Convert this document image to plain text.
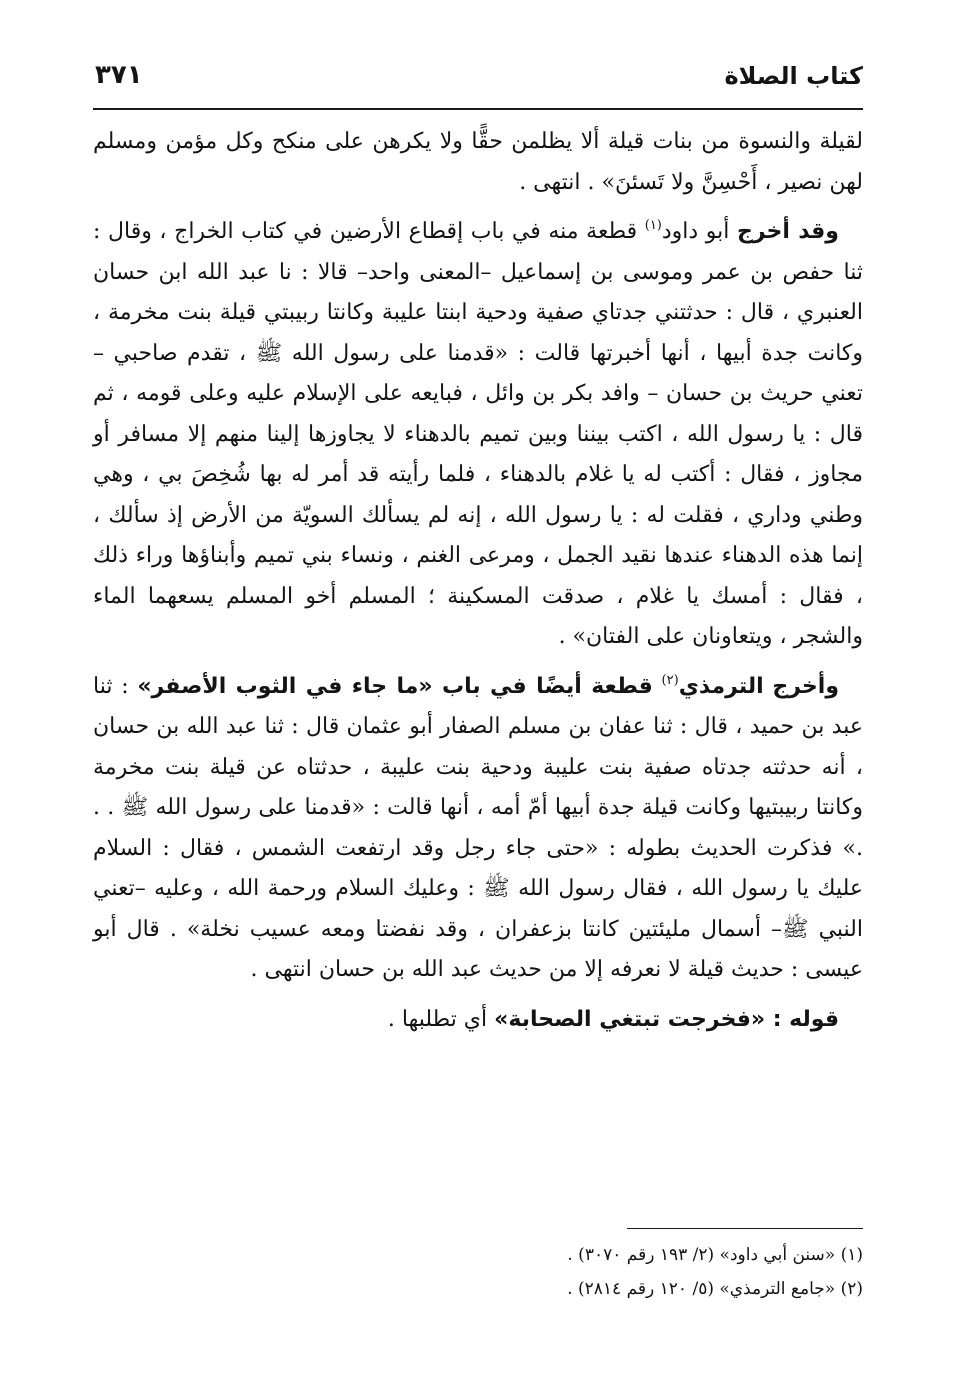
كتاب الصلاة
٣٧١

لقيلة والنسوة من بنات قيلة ألا يظلمن حقًّا ولا يكرهن على منكح وكل مؤمن ومسلم لهن نصير ، أَحْسِنَّ ولا تَسئنَ» . انتهى .

وقد أخرج أبو داود$^{(١)}$ قطعة منه في باب إقطاع الأرضين في كتاب الخراج ، وقال : ثنا حفص بن عمر وموسى بن إسماعيل –المعنى واحد– قالا : نا عبد الله ابن حسان العنبري ، قال : حدثتني جدتاي صفية ودحية ابنتا عليبة وكانتا ربيبتي قيلة بنت مخرمة ، وكانت جدة أبيها ، أنها أخبرتها قالت : «قدمنا على رسول الله ﷺ ، تقدم صاحبي – تعني حريث بن حسان – وافد بكر بن وائل ، فبايعه على الإسلام عليه وعلى قومه ، ثم قال : يا رسول الله ، اكتب بيننا وبين تميم بالدهناء لا يجاوزها إلينا منهم إلا مسافر أو مجاوز ، فقال : أكتب له يا غلام بالدهناء ، فلما رأيته قد أمر له بها شُخِصَ بي ، وهي وطني وداري ، فقلت له : يا رسول الله ، إنه لم يسألك السويّة من الأرض إذ سألك ، إنما هذه الدهناء عندها نقيد الجمل ، ومرعى الغنم ، ونساء بني تميم وأبناؤها وراء ذلك ، فقال : أمسك يا غلام ، صدقت المسكينة ؛ المسلم أخو المسلم يسعهما الماء والشجر ، ويتعاونان على الفتان» .

وأخرج الترمذي$^{(٢)}$ قطعة أيضًا في باب «ما جاء في الثوب الأصفر» : ثنا عبد بن حميد ، قال : ثنا عفان بن مسلم الصفار أبو عثمان قال : ثنا عبد الله بن حسان ، أنه حدثته جدتاه صفية بنت عليبة ودحية بنت عليبة ، حدثتاه عن قيلة بنت مخرمة وكانتا ربيبتيها وكانت قيلة جدة أبيها أمّ أمه ، أنها قالت : «قدمنا على رسول الله ﷺ . . .» فذكرت الحديث بطوله : «حتى جاء رجل وقد ارتفعت الشمس ، فقال : السلام عليك يا رسول الله ، فقال رسول الله ﷺ : وعليك السلام ورحمة الله ، وعليه –تعني النبي ﷺ– أسمال مليئتين كانتا بزعفران ، وقد نفضتا ومعه عسيب نخلة» . قال أبو عيسى : حديث قيلة لا نعرفه إلا من حديث عبد الله بن حسان انتهى .

قوله : «فخرجت تبتغي الصحابة» أي تطلبها .

(١) «سنن أبي داود» (٢/ ١٩٣ رقم ٣٠٧٠) .
(٢) «جامع الترمذي» (٥/ ١٢٠ رقم ٢٨١٤) .
